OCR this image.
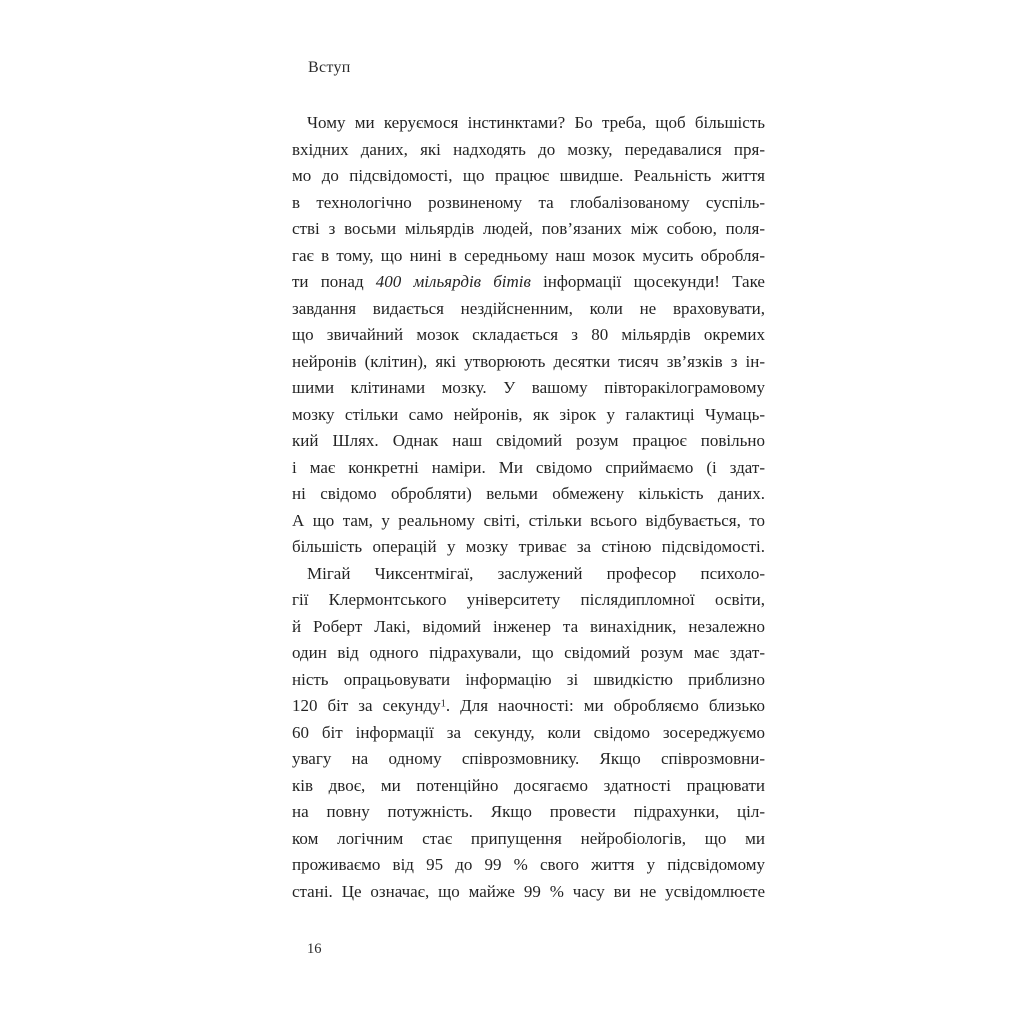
Вступ
Чому ми керуємося інстинктами? Бо треба, щоб більшість
вхідних даних, які надходять до мозку, передавалися пря-
мо до підсвідомості, що працює швидше. Реальність життя
в технологічно розвиненому та глобалізованому суспіль-
стві з восьми мільярдів людей, пов’язаних між собою, поля-
гає в тому, що нині в середньому наш мозок мусить обробля-
ти понад 400 мільярдів бітів інформації щосекунди! Таке
завдання видається нездійсненним, коли не враховувати,
що звичайний мозок складається з 80 мільярдів окремих
нейронів (клітин), які утворюють десятки тисяч зв’язків з ін-
шими клітинами мозку. У вашому півторакілограмовому
мозку стільки само нейронів, як зірок у галактиці Чумаць-
кий Шлях. Однак наш свідомий розум працює повільно
і має конкретні наміри. Ми свідомо сприймаємо (і здат-
ні свідомо обробляти) вельми обмежену кількість даних.
А що там, у реальному світі, стільки всього відбувається, то
більшість операцій у мозку триває за стіною підсвідомості.
Мігай Чиксентмігаї, заслужений професор психоло-
гії Клермонтського університету післядипломної освіти,
й Роберт Лакі, відомий інженер та винахідник, незалежно
один від одного підрахували, що свідомий розум має здат-
ність опрацьовувати інформацію зі швидкістю приблизно
120 біт за секунду$^1$. Для наочності: ми обробляємо близько
60 біт інформації за секунду, коли свідомо зосереджуємо
увагу на одному співрозмовнику. Якщо співрозмовни-
ків двоє, ми потенційно досягаємо здатності працювати
на повну потужність. Якщо провести підрахунки, ціл-
ком логічним стає припущення нейробіологів, що ми
проживаємо від 95 до 99 % свого життя у підсвідомому
стані. Це означає, що майже 99 % часу ви не усвідомлюєте
16
